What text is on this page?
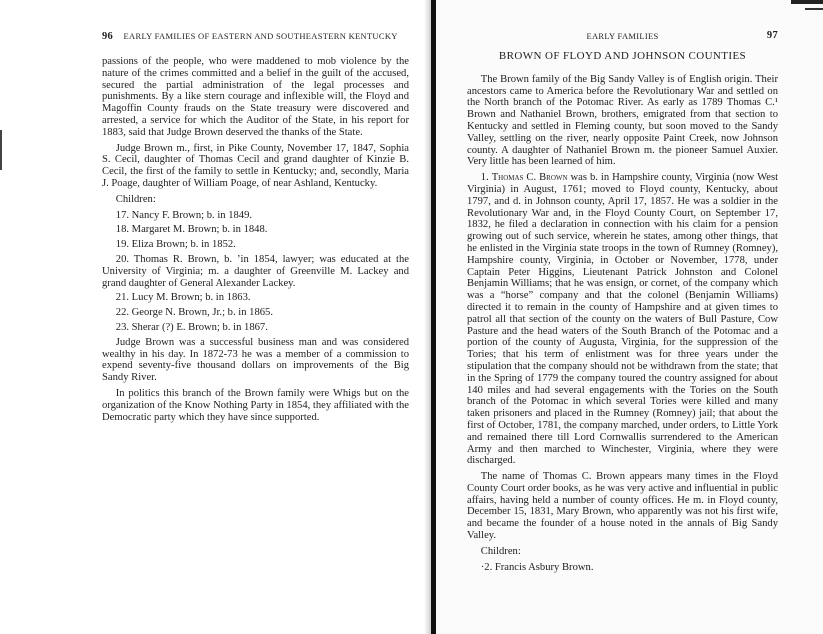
96 EARLY FAMILIES OF EASTERN AND SOUTHEASTERN KENTUCKY

passions of the people, who were maddened to mob violence by the nature of the crimes committed and a belief in the guilt of the accused, secured the partial administration of the legal processes and punishments. By a like stern courage and inflexible will, the Floyd and Magoffin County frauds on the State treasury were discovered and arrested, a service for which the Auditor of the State, in his report for 1883, said that Judge Brown deserved the thanks of the State.

Judge Brown m., first, in Pike County, November 17, 1847, Sophia S. Cecil, daughter of Thomas Cecil and grand daughter of Kinzie B. Cecil, the first of the family to settle in Kentucky; and, secondly, Maria J. Poage, daughter of William Poage, of near Ashland, Kentucky.

Children:

17. Nancy F. Brown; b. in 1849.

18. Margaret M. Brown; b. in 1848.

19. Eliza Brown; b. in 1852.

20. Thomas R. Brown, b. ’in 1854, lawyer; was educated at the University of Virginia; m. a daughter of Greenville M. Lackey and grand daughter of General Alexander Lackey.

21. Lucy M. Brown; b. in 1863.

22. George N. Brown, Jr.; b. in 1865.

23. Sherar (?) E. Brown; b. in 1867.

Judge Brown was a successful business man and was considered wealthy in his day. In 1872-73 he was a member of a commission to expend seventy-five thousand dollars on improvements of the Big Sandy River.

In politics this branch of the Brown family were Whigs but on the organization of the Know Nothing Party in 1854, they affiliated with the Democratic party which they have since supported.

EARLY FAMILIES	97
BROWN OF FLOYD AND JOHNSON COUNTIES

The Brown family of the Big Sandy Valley is of English origin. Their ancestors came to America before the Revolutionary War and settled on the North branch of the Potomac River. As early as 1789 Thomas C.¹ Brown and Nathaniel Brown, brothers, emigrated from that section to Kentucky and settled in Fleming county, but soon moved to the Sandy Valley, settling on the river, nearly opposite Paint Creek, now Johnson county. A daughter of Nathaniel Brown m. the pioneer Samuel Auxier. Very little has been learned of him.

1. Thomas C. Brown was b. in Hampshire county, Virginia (now West Virginia) in August, 1761; moved to Floyd county, Kentucky, about 1797, and d. in Johnson county, April 17, 1857. He was a soldier in the Revolutionary War and, in the Floyd County Court, on September 17, 1832, he filed a declaration in connection with his claim for a pension growing out of such service, wherein he states, among other things, that he enlisted in the Virginia state troops in the town of Rumney (Romney), Hampshire county, Virginia, in October or November, 1778, under Captain Peter Higgins, Lieutenant Patrick Johnston and Colonel Benjamin Williams; that he was ensign, or cornet, of the company which was a “horse” company and that the colonel (Benjamin Williams) directed it to remain in the county of Hampshire and at given times to patrol all that section of the county on the waters of Bull Pasture, Cow Pasture and the head waters of the South Branch of the Potomac and a portion of the county of Augusta, Virginia, for the suppression of the Tories; that his term of enlistment was for three years under the stipulation that the company should not be withdrawn from the state; that in the Spring of 1779 the company toured the country assigned for about 140 miles and had several engagements with the Tories on the South branch of the Potomac in which several Tories were killed and many taken prisoners and placed in the Rumney (Romney) jail; that about the first of October, 1781, the company marched, under orders, to Little York and remained there till Lord Cornwallis surrendered to the American Army and then marched to Winchester, Virginia, where they were discharged.

The name of Thomas C. Brown appears many times in the Floyd County Court order books, as he was very active and influential in public affairs, having held a number of county offices. He m. in Floyd county, December 15, 1831, Mary Brown, who apparently was not his first wife, and became the founder of a house noted in the annals of Big Sandy Valley.

Children:

·2. Francis Asbury Brown.
